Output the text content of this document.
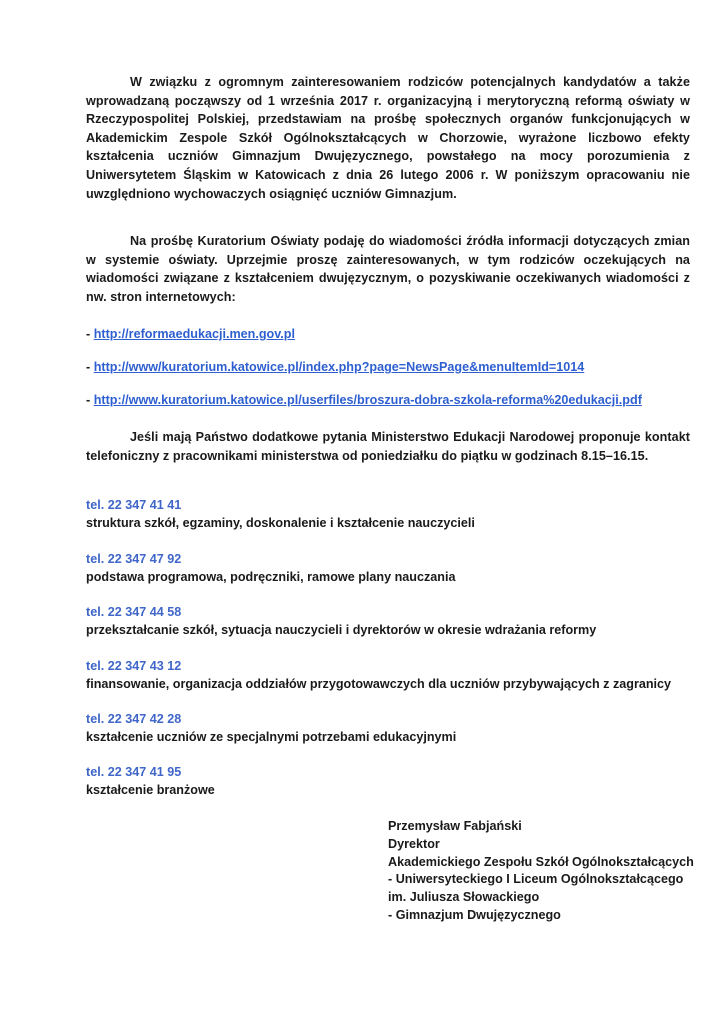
W związku z ogromnym zainteresowaniem rodziców potencjalnych kandydatów a także wprowadzaną począwszy od 1 września 2017 r. organizacyjną i merytoryczną reformą oświaty w Rzeczypospolitej Polskiej, przedstawiam na prośbę społecznych organów funkcjonujących w Akademickim Zespole Szkół Ogólnokształcących w Chorzowie, wyrażone liczbowo efekty kształcenia uczniów Gimnazjum Dwujęzycznego, powstałego na mocy porozumienia z Uniwersytetem Śląskim w Katowicach z dnia 26 lutego 2006 r. W poniższym opracowaniu nie uwzględniono wychowaczych osiągnięć uczniów Gimnazjum.

Na prośbę Kuratorium Oświaty podaję do wiadomości źródła informacji dotyczących zmian w systemie oświaty. Uprzejmie proszę zainteresowanych, w tym rodziców oczekujących na wiadomości związane z kształceniem dwujęzycznym, o pozyskiwanie oczekiwanych wiadomości z nw. stron internetowych:

- http://reformaedukacji.men.gov.pl
- http://www/kuratorium.katowice.pl/index.php?page=NewsPage&menuItemId=1014
- http://www.kuratorium.katowice.pl/userfiles/broszura-dobra-szkola-reforma%20edukacji.pdf

Jeśli mają Państwo dodatkowe pytania Ministerstwo Edukacji Narodowej proponuje kontakt telefoniczny z pracownikami ministerstwa od poniedziałku do piątku w godzinach 8.15–16.15.

tel. 22 347 41 41
struktura szkół, egzaminy, doskonalenie i kształcenie nauczycieli
tel. 22 347 47 92
podstawa programowa, podręczniki, ramowe plany nauczania
tel. 22 347 44 58
przekształcanie szkół, sytuacja nauczycieli i dyrektorów w okresie wdrażania reformy
tel. 22 347 43 12
finansowanie, organizacja oddziałów przygotowawczych dla uczniów przybywających z zagranicy
tel. 22 347 42 28
kształcenie uczniów ze specjalnymi potrzebami edukacyjnymi
tel. 22 347 41 95
kształcenie branżowe
Przemysław Fabjański
Dyrektor
Akademickiego Zespołu Szkół Ogólnokształcących
- Uniwersyteckiego I Liceum Ogólnokształcącego
im. Juliusza Słowackiego
- Gimnazjum Dwujęzycznego
